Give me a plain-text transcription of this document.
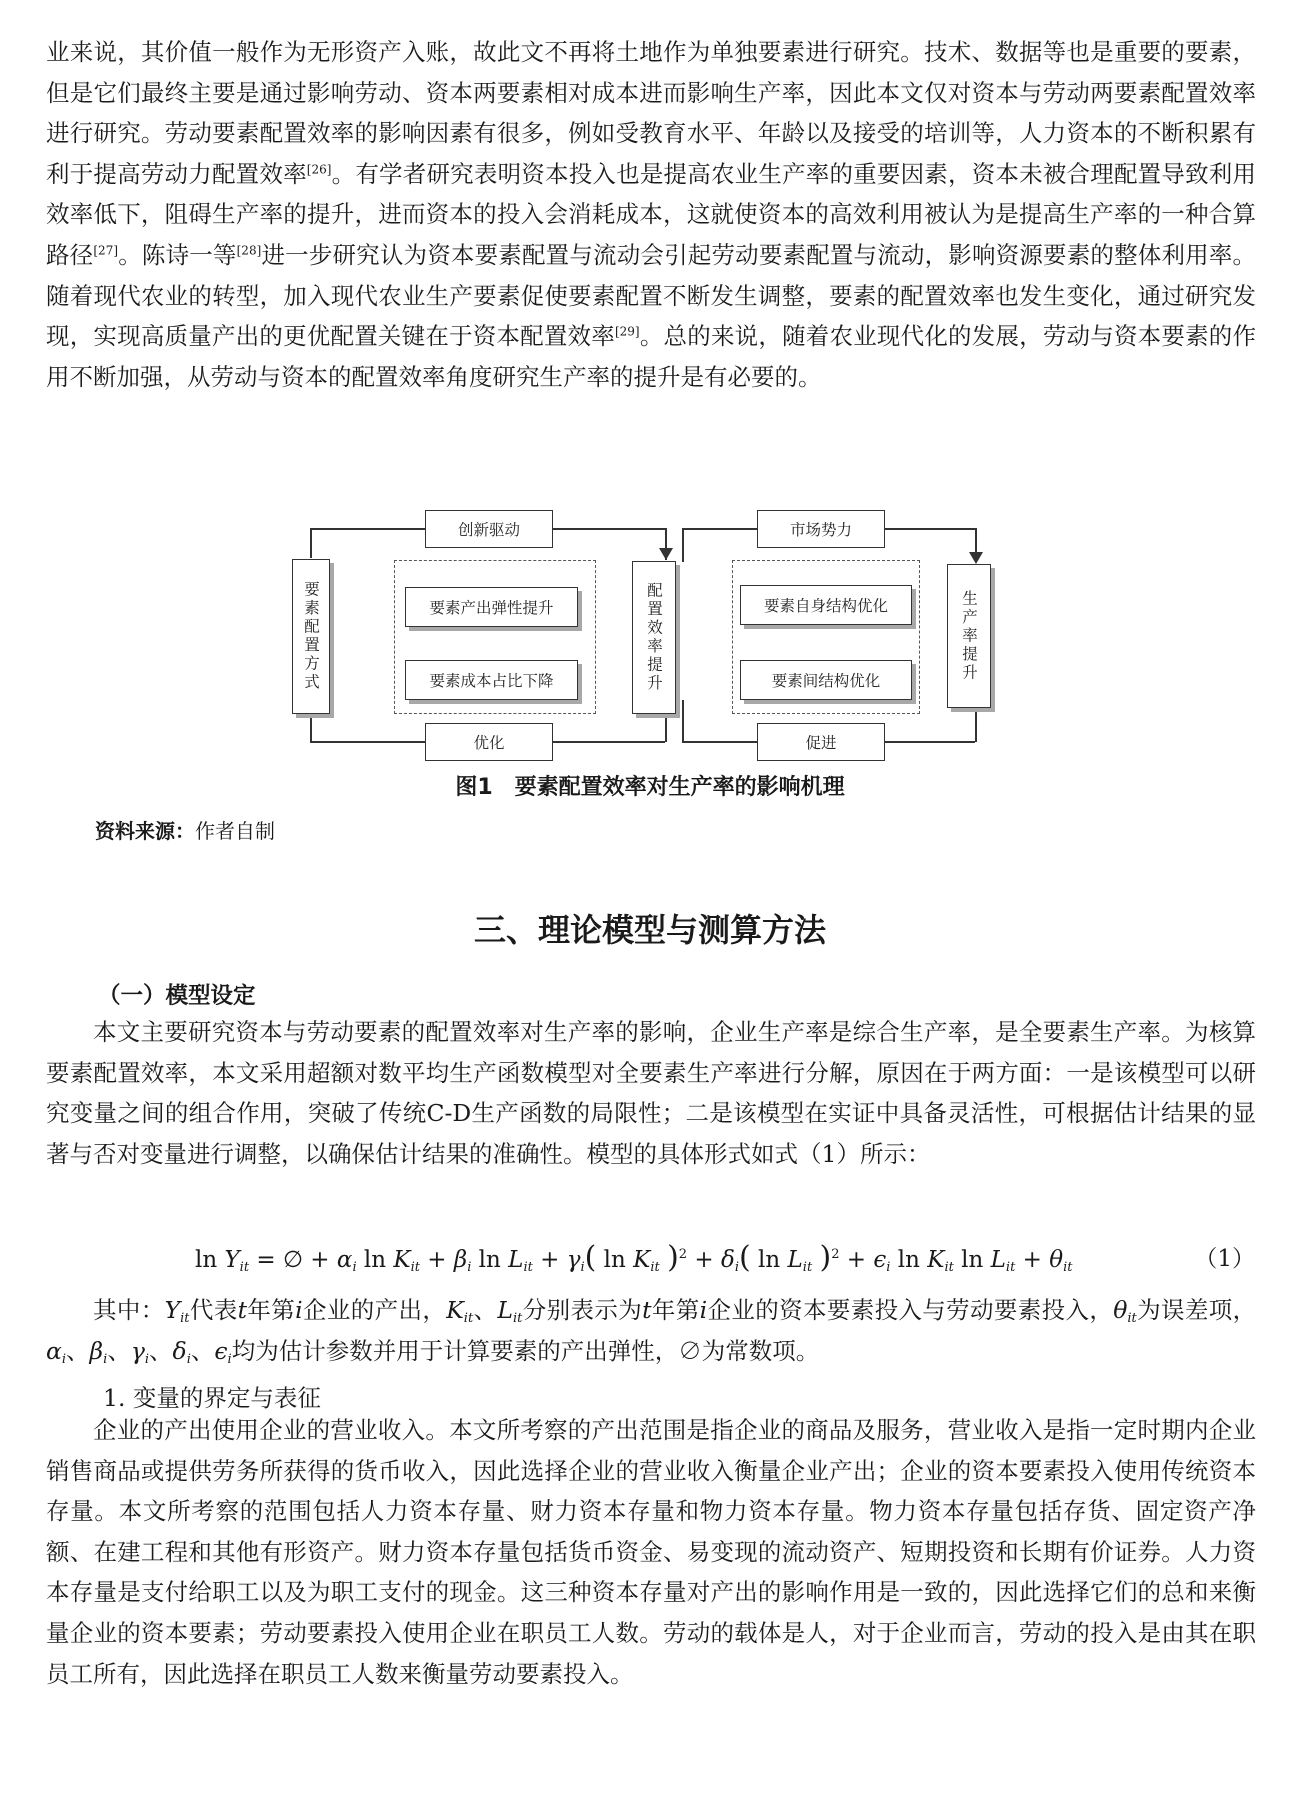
业来说，其价值一般作为无形资产入账，故此文不再将土地作为单独要素进行研究。技术、数据等也是重要的要素，但是它们最终主要是通过影响劳动、资本两要素相对成本进而影响生产率，因此本文仅对资本与劳动两要素配置效率进行研究。劳动要素配置效率的影响因素有很多，例如受教育水平、年龄以及接受的培训等，人力资本的不断积累有利于提高劳动力配置效率[26]。有学者研究表明资本投入也是提高农业生产率的重要因素，资本未被合理配置导致利用效率低下，阻碍生产率的提升，进而资本的投入会消耗成本，这就使资本的高效利用被认为是提高生产率的一种合算路径[27]。陈诗一等[28]进一步研究认为资本要素配置与流动会引起劳动要素配置与流动，影响资源要素的整体利用率。随着现代农业的转型，加入现代农业生产要素促使要素配置不断发生调整，要素的配置效率也发生变化，通过研究发现，实现高质量产出的更优配置关键在于资本配置效率[29]。总的来说，随着农业现代化的发展，劳动与资本要素的作用不断加强，从劳动与资本的配置效率角度研究生产率的提升是有必要的。

要素配置方式
创新驱动
要素产出弹性提升
要素成本占比下降
优化
配置效率提升
市场势力
要素自身结构优化
要素间结构优化
促进
生产率提升
图1　要素配置效率对生产率的影响机理
资料来源：作者自制
三、理论模型与测算方法
（一）模型设定

本文主要研究资本与劳动要素的配置效率对生产率的影响，企业生产率是综合生产率，是全要素生产率。为核算要素配置效率，本文采用超额对数平均生产函数模型对全要素生产率进行分解，原因在于两方面：一是该模型可以研究变量之间的组合作用，突破了传统C-D生产函数的局限性；二是该模型在实证中具备灵活性，可根据估计结果的显著与否对变量进行调整，以确保估计结果的准确性。模型的具体形式如式（1）所示：

$\ln Y_{it}$ = ∅ + $\alpha_i$ $\ln K_{it} + \beta_i$ $\ln L_{it} + \gamma_i$( $\ln K_{it}$ )$^2 + \delta_i$( $\ln L_{it}$ )$^2 + \epsilon_i$ $\ln K_{it}$ $\ln L_{it} + \theta_{it}$	（1）

其中：$Y_{it}$代表t年第i企业的产出，$K_{it}$、$L_{it}$分别表示为t年第i企业的资本要素投入与劳动要素投入，$\theta_{it}$为误差项，$\alpha_i$、$\beta_i$、$\gamma_i$、$\delta_i$、$\epsilon_i$均为估计参数并用于计算要素的产出弹性，∅为常数项。

1. 变量的界定与表征

企业的产出使用企业的营业收入。本文所考察的产出范围是指企业的商品及服务，营业收入是指一定时期内企业销售商品或提供劳务所获得的货币收入，因此选择企业的营业收入衡量企业产出；企业的资本要素投入使用传统资本存量。本文所考察的范围包括人力资本存量、财力资本存量和物力资本存量。物力资本存量包括存货、固定资产净额、在建工程和其他有形资产。财力资本存量包括货币资金、易变现的流动资产、短期投资和长期有价证券。人力资本存量是支付给职工以及为职工支付的现金。这三种资本存量对产出的影响作用是一致的，因此选择它们的总和来衡量企业的资本要素；劳动要素投入使用企业在职员工人数。劳动的载体是人，对于企业而言，劳动的投入是由其在职员工所有，因此选择在职员工人数来衡量劳动要素投入。
